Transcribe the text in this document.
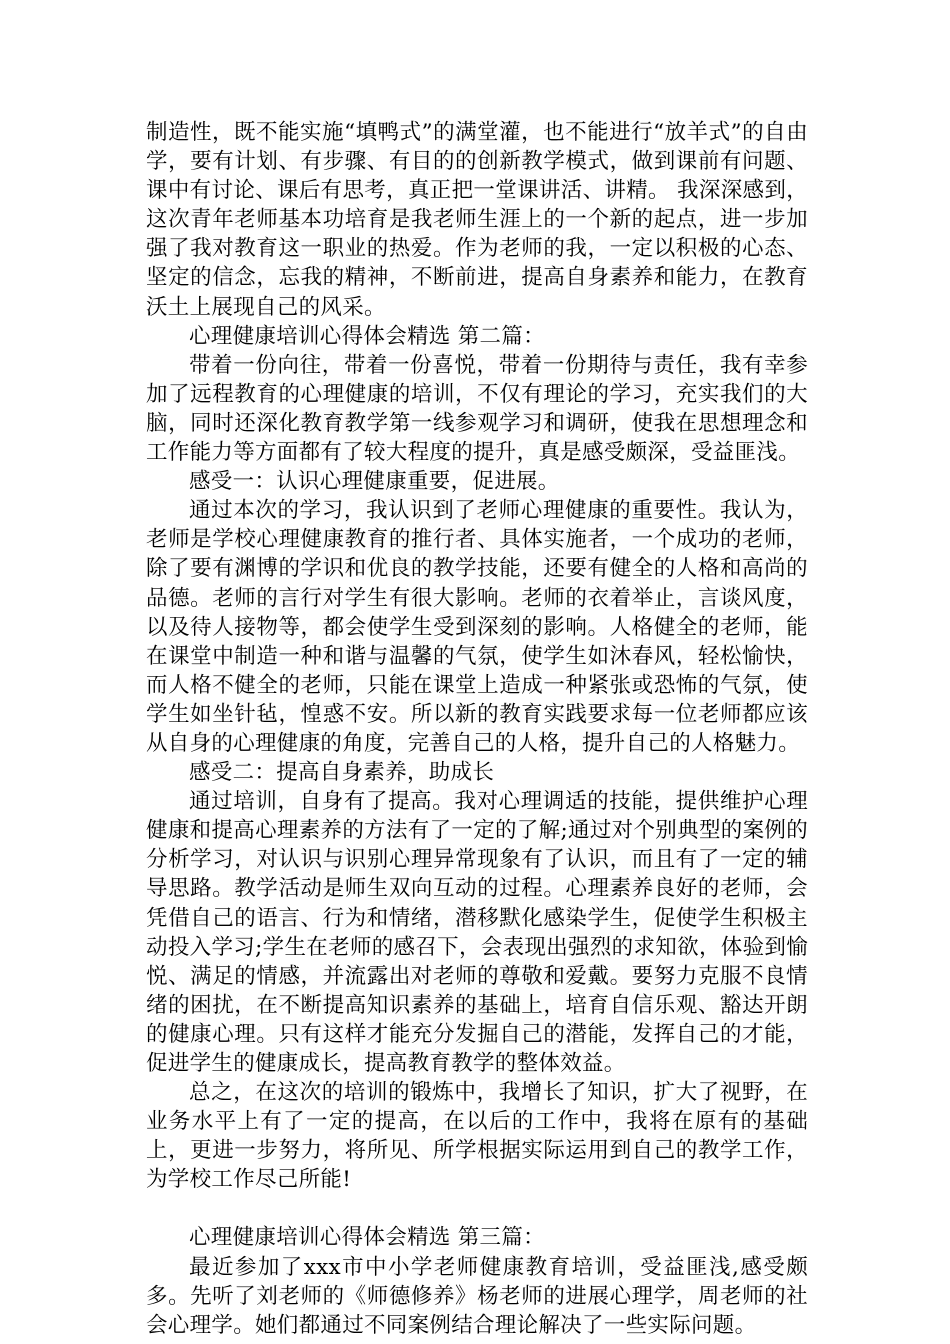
制造性，既不能实施“填鸭式”的满堂灌，也不能进行“放羊式”的自由学，要有计划、有步骤、有目的的创新教学模式，做到课前有问题、课中有讨论、课后有思考，真正把一堂课讲活、讲精。 我深深感到，这次青年老师基本功培育是我老师生涯上的一个新的起点，进一步加强了我对教育这一职业的热爱。作为老师的我，一定以积极的心态、坚定的信念，忘我的精神，不断前进，提高自身素养和能力，在教育沃土上展现自己的风采。

心理健康培训心得体会精选 第二篇：

带着一份向往，带着一份喜悦，带着一份期待与责任，我有幸参加了远程教育的心理健康的培训，不仅有理论的学习，充实我们的大脑，同时还深化教育教学第一线参观学习和调研，使我在思想理念和工作能力等方面都有了较大程度的提升，真是感受颇深，受益匪浅。

感受一：认识心理健康重要，促进展。

通过本次的学习，我认识到了老师心理健康的重要性。我认为，老师是学校心理健康教育的推行者、具体实施者，一个成功的老师，除了要有渊博的学识和优良的教学技能，还要有健全的人格和高尚的品德。老师的言行对学生有很大影响。老师的衣着举止，言谈风度，以及待人接物等，都会使学生受到深刻的影响。人格健全的老师，能在课堂中制造一种和谐与温馨的气氛，使学生如沐春风，轻松愉快，而人格不健全的老师，只能在课堂上造成一种紧张或恐怖的气氛，使学生如坐针毡，惶惑不安。所以新的教育实践要求每一位老师都应该从自身的心理健康的角度，完善自己的人格，提升自己的人格魅力。

感受二：提高自身素养，助成长

通过培训，自身有了提高。我对心理调适的技能，提供维护心理健康和提高心理素养的方法有了一定的了解;通过对个别典型的案例的分析学习，对认识与识别心理异常现象有了认识，而且有了一定的辅导思路。教学活动是师生双向互动的过程。心理素养良好的老师，会凭借自己的语言、行为和情绪，潜移默化感染学生，促使学生积极主动投入学习;学生在老师的感召下，会表现出强烈的求知欲，体验到愉悦、满足的情感，并流露出对老师的尊敬和爱戴。要努力克服不良情绪的困扰，在不断提高知识素养的基础上，培育自信乐观、豁达开朗的健康心理。只有这样才能充分发掘自己的潜能，发挥自己的才能，促进学生的健康成长，提高教育教学的整体效益。

总之，在这次的培训的锻炼中，我增长了知识，扩大了视野，在业务水平上有了一定的提高，在以后的工作中，我将在原有的基础上，更进一步努力，将所见、所学根据实际运用到自己的教学工作，为学校工作尽己所能!

心理健康培训心得体会精选 第三篇：

最近参加了xxx市中小学老师健康教育培训，受益匪浅,感受颇多。先听了刘老师的《师德修养》杨老师的进展心理学，周老师的社会心理学。她们都通过不同案例结合理论解决了一些实际问题。
